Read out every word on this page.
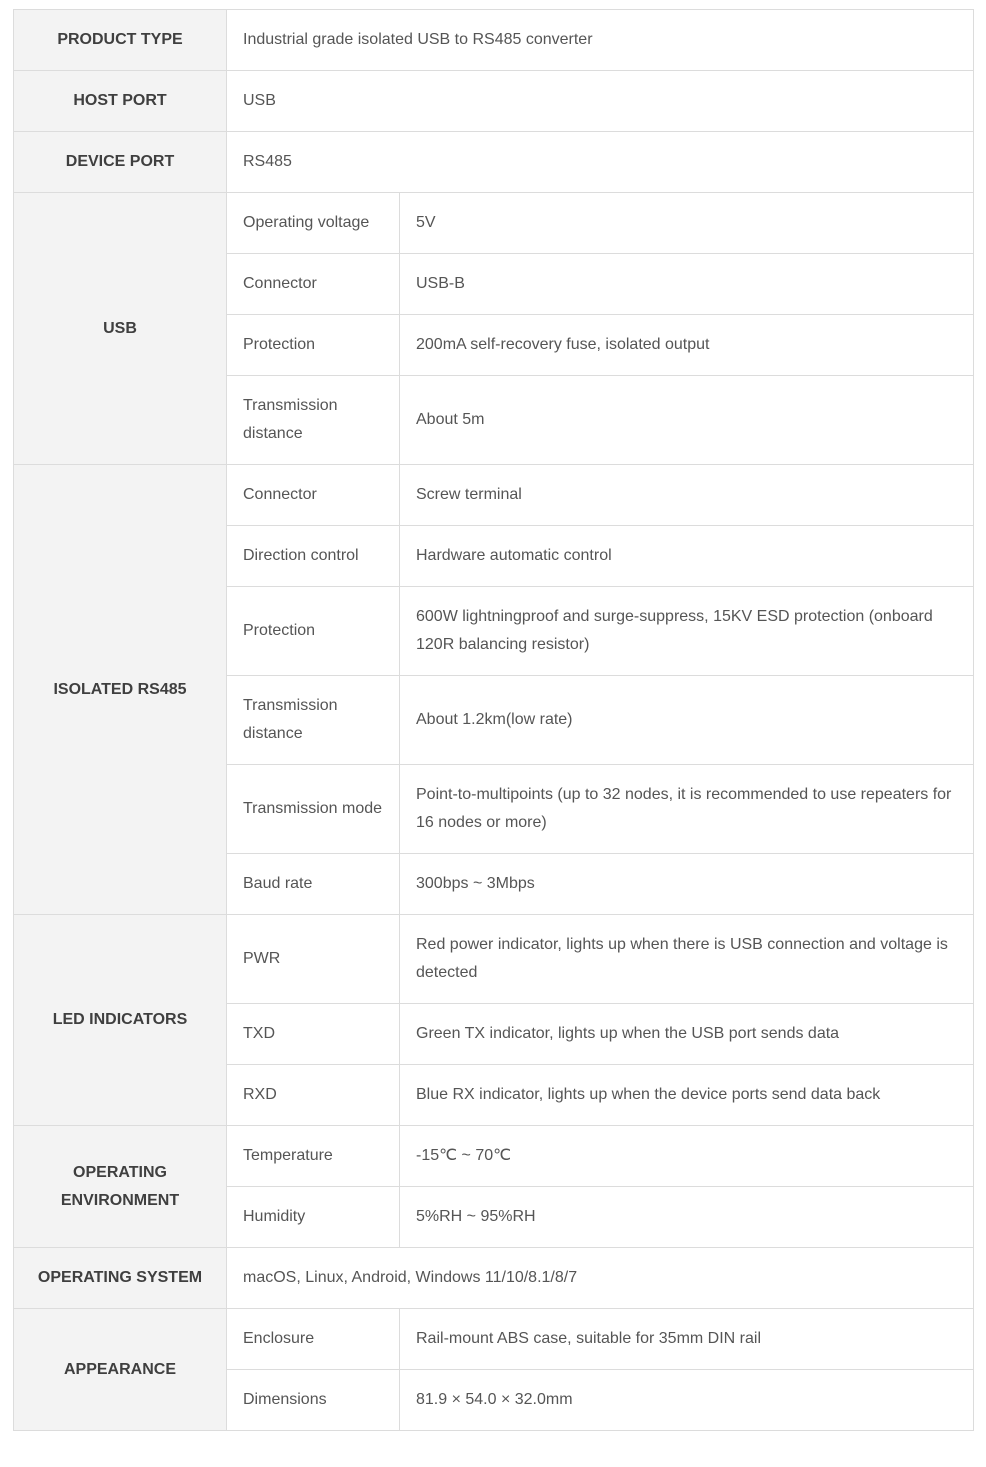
PRODUCT TYPE	Industrial grade isolated USB to RS485 converter	
HOST PORT	USB	
DEVICE PORT	RS485	
USB	Operating voltage	5V
	Connector	USB-B
	Protection	200mA self-recovery fuse, isolated output
	Transmission distance	About 5m
ISOLATED RS485	Connector	Screw terminal
	Direction control	Hardware automatic control
	Protection	600W lightningproof and surge-suppress, 15KV ESD protection (onboard 120R balancing resistor)
	Transmission distance	About 1.2km(low rate)
	Transmission mode	Point-to-multipoints (up to 32 nodes, it is recommended to use repeaters for 16 nodes or more)
	Baud rate	300bps ~ 3Mbps
LED INDICATORS	PWR	Red power indicator, lights up when there is USB connection and voltage is detected
	TXD	Green TX indicator, lights up when the USB port sends data
	RXD	Blue RX indicator, lights up when the device ports send data back
OPERATING ENVIRONMENT	Temperature	-15℃ ~ 70℃
	Humidity	5%RH ~ 95%RH
OPERATING SYSTEM	macOS, Linux, Android, Windows 11/10/8.1/8/7	
APPEARANCE	Enclosure	Rail-mount ABS case, suitable for 35mm DIN rail
	Dimensions	81.9 × 54.0 × 32.0mm
